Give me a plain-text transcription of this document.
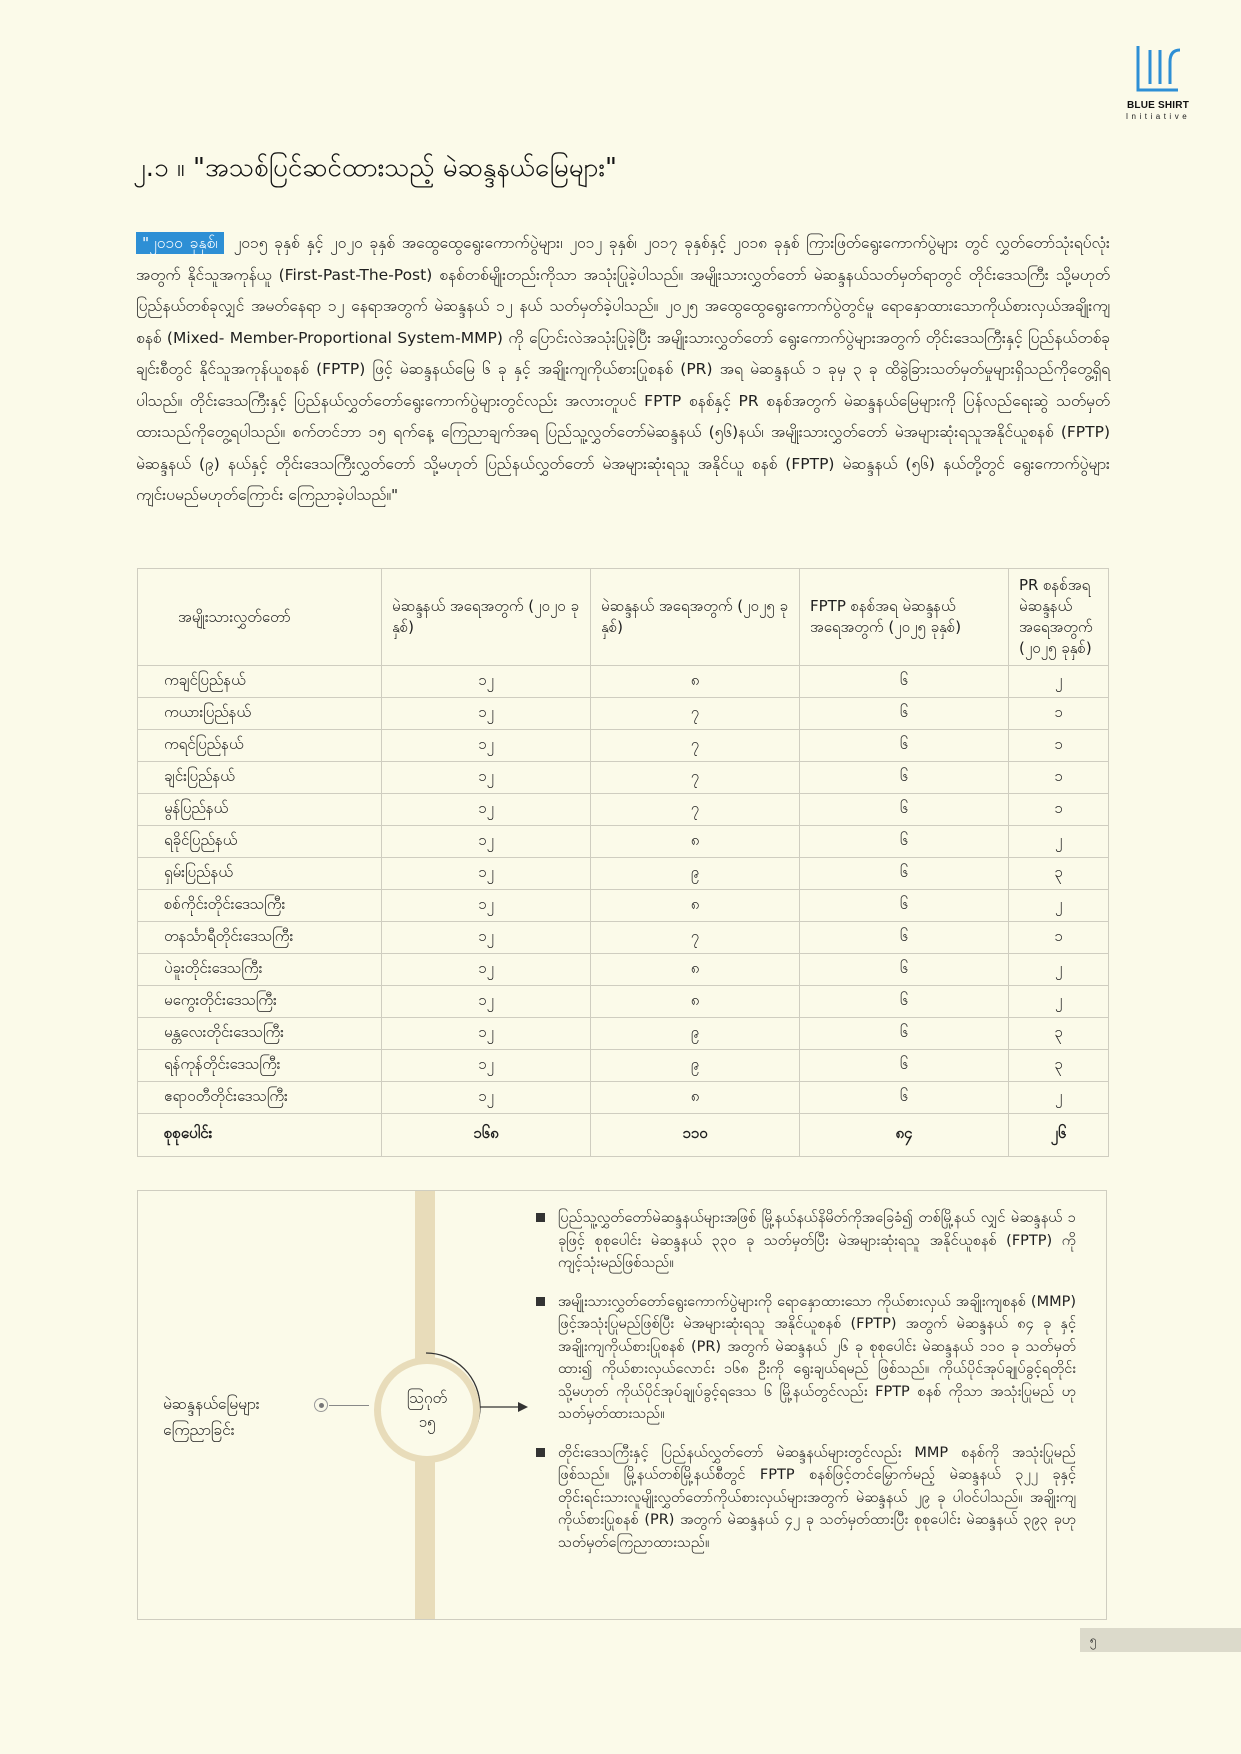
BLUE SHIRT
Initiative
၂.၁ ။ "အသစ်ပြင်ဆင်ထားသည့် မဲဆန္ဒနယ်မြေများ"
"၂၀၁၀ ခုနှစ်၊ ၂၀၁၅ ခုနှစ် နှင့် ၂၀၂၀ ခုနှစ် အထွေထွေရွေးကောက်ပွဲများ၊ ၂၀၁၂ ခုနှစ်၊ ၂၀၁၇ ခုနှစ်နှင့် ၂၀၁၈ ခုနှစ် ကြားဖြတ်ရွေးကောက်ပွဲများ တွင် လွှတ်တော်သုံးရပ်လုံးအတွက် နိုင်သူအကုန်ယူ (First-Past-The-Post) စနစ်တစ်မျိုးတည်းကိုသာ အသုံးပြုခဲ့ပါသည်။ အမျိုးသားလွှတ်တော် မဲဆန္ဒနယ်သတ်မှတ်ရာတွင် တိုင်းဒေသကြီး သို့မဟုတ် ပြည်နယ်တစ်ခုလျှင် အမတ်နေရာ ၁၂ နေရာအတွက် မဲဆန္ဒနယ် ၁၂ နယ် သတ်မှတ်ခဲ့ပါသည်။ ၂၀၂၅ အထွေထွေရွေးကောက်ပွဲတွင်မူ ရောနှောထားသောကိုယ်စားလှယ်အချိုးကျစနစ် (Mixed- Member-Proportional System-MMP) ကို ပြောင်းလဲအသုံးပြုခဲ့ပြီး အမျိုးသားလွှတ်တော် ရွေးကောက်ပွဲများအတွက် တိုင်းဒေသကြီးနှင့် ပြည်နယ်တစ်ခုချင်းစီတွင် နိုင်သူအကုန်ယူစနစ် (FPTP) ဖြင့် မဲဆန္ဒနယ်မြေ ၆ ခု နှင့် အချိုးကျကိုယ်စားပြုစနစ် (PR) အရ မဲဆန္ဒနယ် ၁ ခုမှ ၃ ခု ထိခွဲခြားသတ်မှတ်မှုများရှိသည်ကိုတွေ့ရှိရပါသည်။ တိုင်းဒေသကြီးနှင့် ပြည်နယ်လွှတ်တော်ရွေးကောက်ပွဲများတွင်လည်း အလားတူပင် FPTP စနစ်နှင့် PR စနစ်အတွက် မဲဆန္ဒနယ်မြေများကို ပြန်လည်ရေးဆွဲ သတ်မှတ်ထားသည်ကိုတွေ့ရပါသည်။ စက်တင်ဘာ ၁၅ ရက်နေ့ ကြေညာချက်အရ ပြည်သူ့လွှတ်တော်မဲဆန္ဒနယ် (၅၆)နယ်၊ အမျိုးသားလွှတ်တော် မဲအများဆုံးရသူအနိုင်ယူစနစ် (FPTP) မဲဆန္ဒနယ် (၉) နယ်နှင့် တိုင်းဒေသကြီးလွှတ်တော် သို့မဟုတ် ပြည်နယ်လွှတ်တော် မဲအများဆုံးရသူ အနိုင်ယူ စနစ် (FPTP) မဲဆန္ဒနယ် (၅၆) နယ်တို့တွင် ရွေးကောက်ပွဲများ ကျင်းပမည်မဟုတ်ကြောင်း ကြေညာခဲ့ပါသည်။"
အမျိုးသားလွှတ်တော်	မဲဆန္ဒနယ် အရေအတွက် (၂၀၂၀ ခုနှစ်)	မဲဆန္ဒနယ် အရေအတွက် (၂၀၂၅ ခုနှစ်)	FPTP စနစ်အရ မဲဆန္ဒနယ် အရေအတွက် (၂၀၂၅ ခုနှစ်)	PR စနစ်အရ မဲဆန္ဒနယ် အရေအတွက် (၂၀၂၅ ခုနှစ်)
ကချင်ပြည်နယ်	၁၂	၈	၆	၂
ကယားပြည်နယ်	၁၂	၇	၆	၁
ကရင်ပြည်နယ်	၁၂	၇	၆	၁
ချင်းပြည်နယ်	၁၂	၇	၆	၁
မွန်ပြည်နယ်	၁၂	၇	၆	၁
ရခိုင်ပြည်နယ်	၁၂	၈	၆	၂
ရှမ်းပြည်နယ်	၁၂	၉	၆	၃
စစ်ကိုင်းတိုင်းဒေသကြီး	၁၂	၈	၆	၂
တနင်္သာရီတိုင်းဒေသကြီး	၁၂	၇	၆	၁
ပဲခူးတိုင်းဒေသကြီး	၁၂	၈	၆	၂
မကွေးတိုင်းဒေသကြီး	၁၂	၈	၆	၂
မန္တလေးတိုင်းဒေသကြီး	၁၂	၉	၆	၃
ရန်ကုန်တိုင်းဒေသကြီး	၁၂	၉	၆	၃
ဧရာဝတီတိုင်းဒေသကြီး	၁၂	၈	၆	၂
စုစုပေါင်း	၁၆၈	၁၁၀	၈၄	၂၆
မဲဆန္ဒနယ်မြေများ ကြေညာခြင်း
ဩဂုတ်
၁၅
ပြည်သူ့လွှတ်တော်မဲဆန္ဒနယ်များအဖြစ် မြို့နယ်နယ်နိမိတ်ကိုအခြေခံ၍ တစ်မြို့နယ် လျှင် မဲဆန္ဒနယ် ၁ ခုဖြင့် စုစုပေါင်း မဲဆန္ဒနယ် ၃၃၀ ခု သတ်မှတ်ပြီး မဲအများဆုံးရသူ အနိုင်ယူစနစ် (FPTP) ကို ကျင့်သုံးမည်ဖြစ်သည်။
အမျိုးသားလွှတ်တော်ရွေးကောက်ပွဲများကို ရောနှောထားသော ကိုယ်စားလှယ် အချိုးကျစနစ် (MMP) ဖြင့်အသုံးပြုမည်ဖြစ်ပြီး မဲအများဆုံးရသူ အနိုင်ယူစနစ် (FPTP) အတွက် မဲဆန္ဒနယ် ၈၄ ခု နှင့် အချိုးကျကိုယ်စားပြုစနစ် (PR) အတွက် မဲဆန္ဒနယ် ၂၆ ခု စုစုပေါင်း မဲဆန္ဒနယ် ၁၁၀ ခု သတ်မှတ်ထား၍ ကိုယ်စားလှယ်လောင်း ၁၆၈ ဦးကို ရွေးချယ်ရမည် ဖြစ်သည်။ ကိုယ်ပိုင်အုပ်ချုပ်ခွင့်ရတိုင်း သို့မဟုတ် ကိုယ်ပိုင်အုပ်ချုပ်ခွင့်ရဒေသ ၆ မြို့နယ်တွင်လည်း FPTP စနစ် ကိုသာ အသုံးပြုမည် ဟု သတ်မှတ်ထားသည်။
တိုင်းဒေသကြီးနှင့် ပြည်နယ်လွှတ်တော် မဲဆန္ဒနယ်များတွင်လည်း MMP စနစ်ကို အသုံးပြုမည်ဖြစ်သည်။ မြို့နယ်တစ်မြို့နယ်စီတွင် FPTP စနစ်ဖြင့်တင်မြှောက်မည့် မဲဆန္ဒနယ် ၃၂၂ ခုနှင့် တိုင်းရင်းသားလူမျိုးလွှတ်တော်ကိုယ်စားလှယ်များအတွက် မဲဆန္ဒနယ် ၂၉ ခု ပါဝင်ပါသည်။ အချိုးကျကိုယ်စားပြုစနစ် (PR) အတွက် မဲဆန္ဒနယ် ၄၂ ခု သတ်မှတ်ထားပြီး စုစုပေါင်း မဲဆန္ဒနယ် ၃၉၃ ခုဟု သတ်မှတ်ကြေညာထားသည်။
၅
